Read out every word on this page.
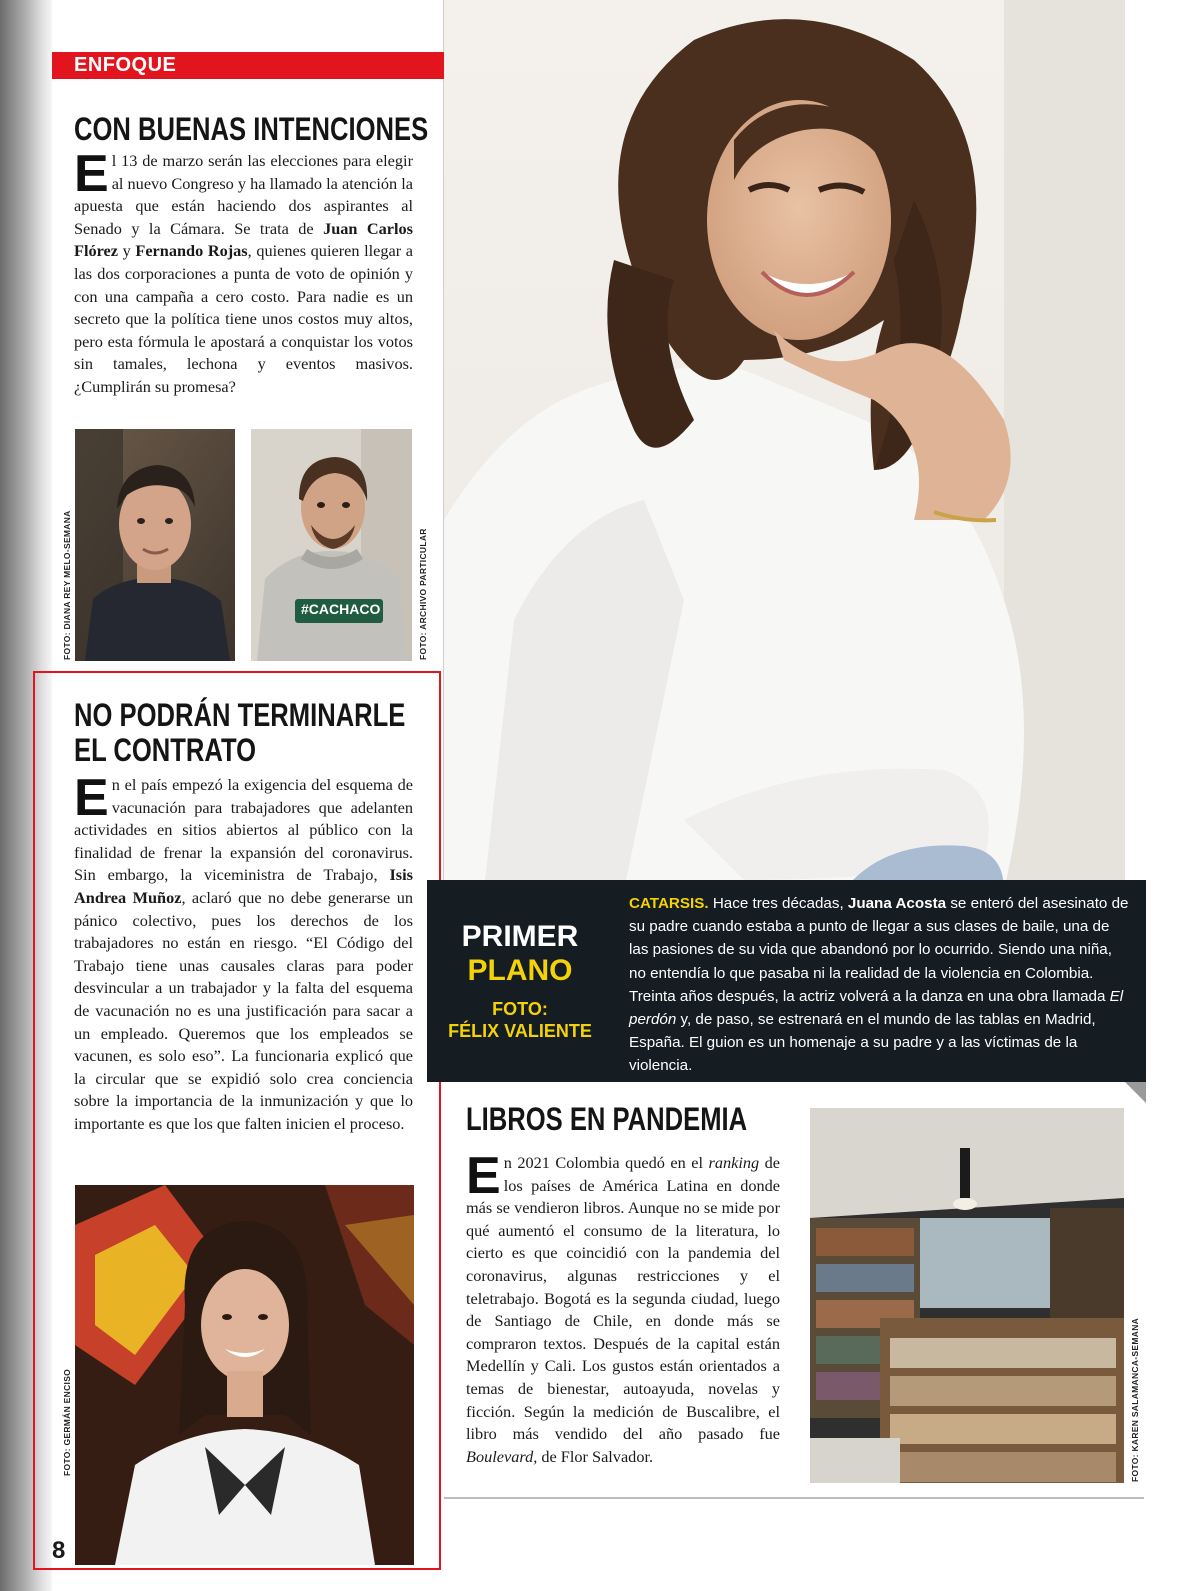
ENFOQUE
CON BUENAS INTENCIONES
E l 13 de marzo serán las elecciones para elegir al nuevo Congreso y ha llamado la atención la apuesta que están haciendo dos aspirantes al Senado y la Cámara. Se trata de Juan Carlos Flórez y Fernando Rojas, quienes quieren llegar a las dos corporaciones a punta de voto de opinión y con una campaña a cero costo. Para nadie es un secreto que la política tiene unos costos muy altos, pero esta fórmula le apostará a conquistar los votos sin tamales, lechona y eventos masivos. ¿Cumplirán su promesa?
FOTO: DIANA REY MELO-SEMANA	#CACHACO	FOTO: ARCHIVO PARTICULAR
NO PODRÁN TERMINARLE
EL CONTRATO
E n el país empezó la exigencia del esquema de vacunación para trabajadores que adelanten actividades en sitios abiertos al público con la finalidad de frenar la expansión del coronavirus. Sin embargo, la viceministra de Trabajo, Isis Andrea Muñoz, aclaró que no debe generarse un pánico colectivo, pues los derechos de los trabajadores no están en riesgo. “El Código del Trabajo tiene unas causales claras para poder desvincular a un trabajador y la falta del esquema de vacunación no es una justificación para sacar a un empleado. Queremos que los empleados se vacunen, es solo eso”. La funcionaria explicó que la circular que se expidió solo crea conciencia sobre la importancia de la inmunización y que lo importante es que los que falten inicien el proceso.
FOTO: GERMÁN ENCISO
8
PRIMER
PLANO
FOTO:
FÉLIX VALIENTE

CATARSIS. Hace tres décadas, Juana Acosta se enteró del asesinato de su padre cuando estaba a punto de llegar a sus clases de baile, una de las pasiones de su vida que abandonó por lo ocurrido. Siendo una niña, no entendía lo que pasaba ni la realidad de la violencia en Colombia. Treinta años después, la actriz volverá a la danza en una obra llamada El perdón y, de paso, se estrenará en el mundo de las tablas en Madrid, España. El guion es un homenaje a su padre y a las víctimas de la violencia.

LIBROS EN PANDEMIA
E n 2021 Colombia quedó en el ranking de los países de América Latina en donde más se vendieron libros. Aunque no se mide por qué aumentó el consumo de la literatura, lo cierto es que coincidió con la pandemia del coronavirus, algunas restricciones y el teletrabajo. Bogotá es la segunda ciudad, luego de Santiago de Chile, en donde más se compraron textos. Después de la capital están Medellín y Cali. Los gustos están orientados a temas de bienestar, autoayuda, novelas y ficción. Según la medición de Buscalibre, el libro más vendido del año pasado fue Boulevard, de Flor Salvador.	FOTO: KAREN SALAMANCA-SEMANA
